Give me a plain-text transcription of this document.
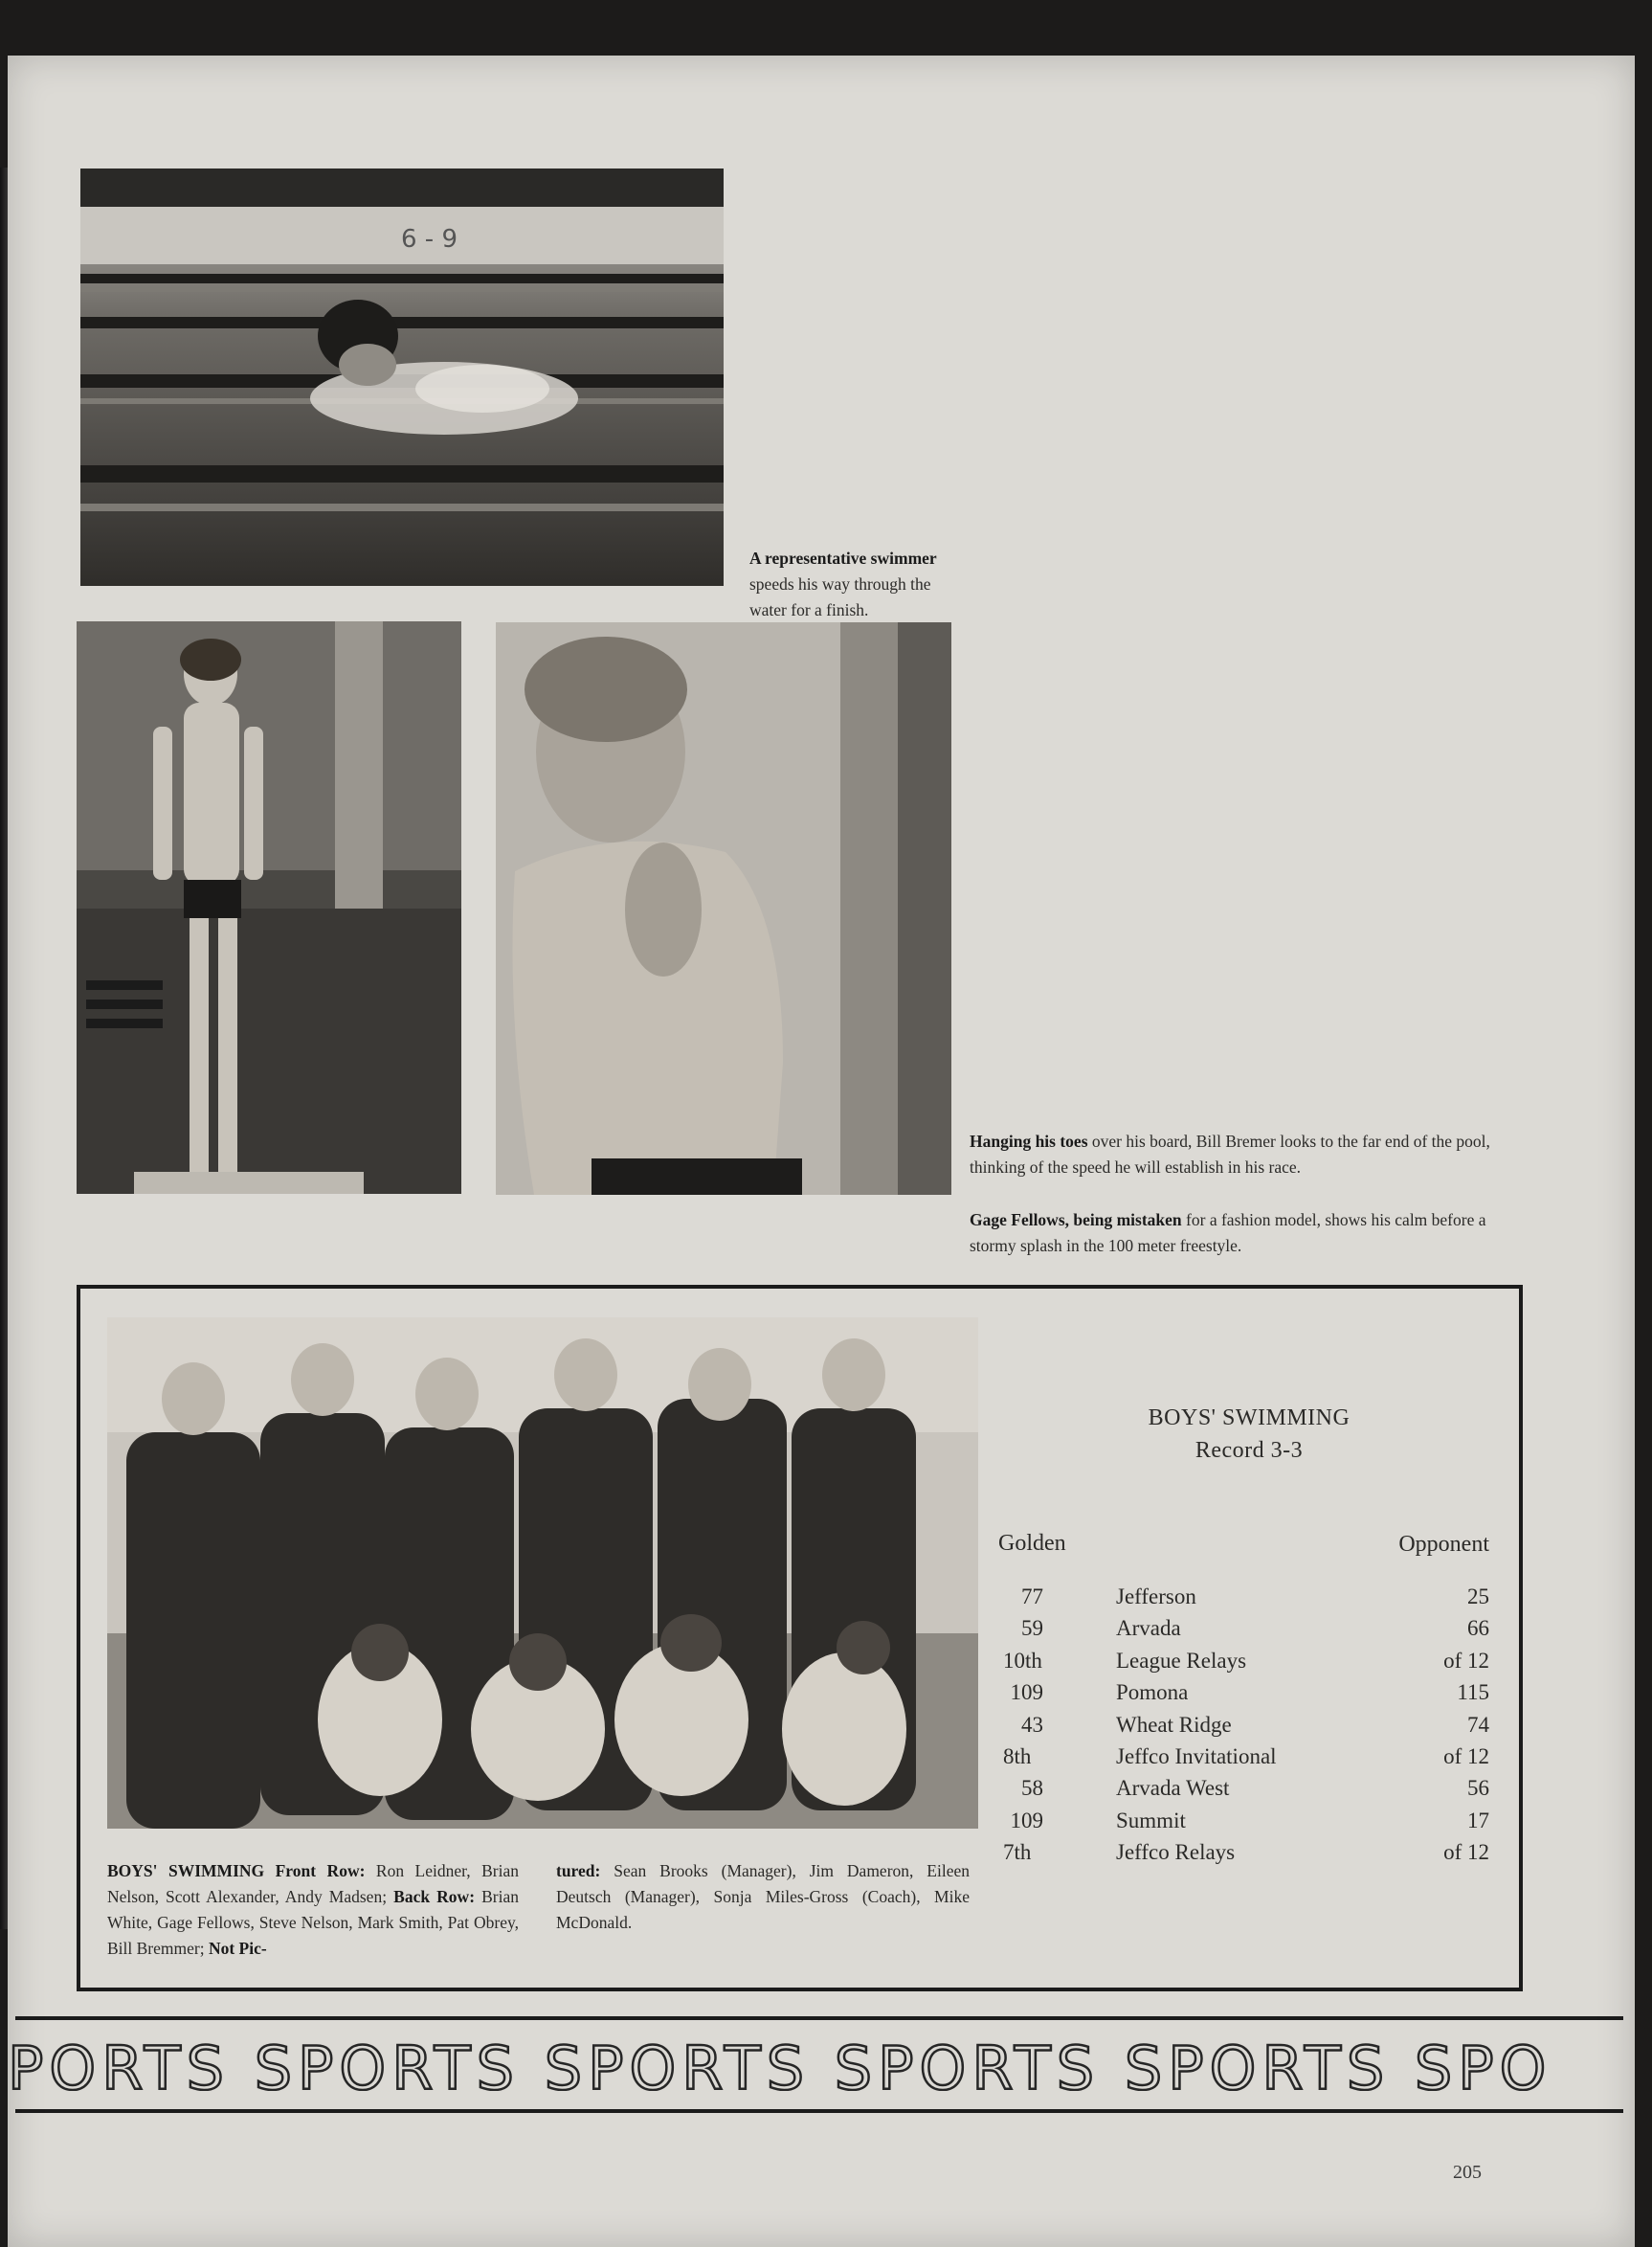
6 - 9
A representative swimmer speeds his way through the water for a finish.
Hanging his toes over his board, Bill Bremer looks to the far end of the pool, thinking of the speed he will establish in his race.
Gage Fellows, being mistaken for a fashion model, shows his calm before a stormy splash in the 100 meter freestyle.
BOYS' SWIMMING Front Row: Ron Leidner, Brian Nelson, Scott Alexander, Andy Madsen; Back Row: Brian White, Gage Fellows, Steve Nelson, Mark Smith, Pat Obrey, Bill Bremmer; Not Pic-
tured: Sean Brooks (Manager), Jim Dameron, Eileen Deutsch (Manager), Sonja Miles-Gross (Coach), Mike McDonald.
BOYS' SWIMMING
Record 3-3
Golden	Opponent
77	Jefferson	25
59	Arvada	66
10th	League Relays	of 12
109	Pomona	115
43	Wheat Ridge	74
8th	Jeffco Invitational	of 12
58	Arvada West	56
109	Summit	17
7th	Jeffco Relays	of 12
PORTS SPORTS SPORTS SPORTS SPORTS SPO
205
